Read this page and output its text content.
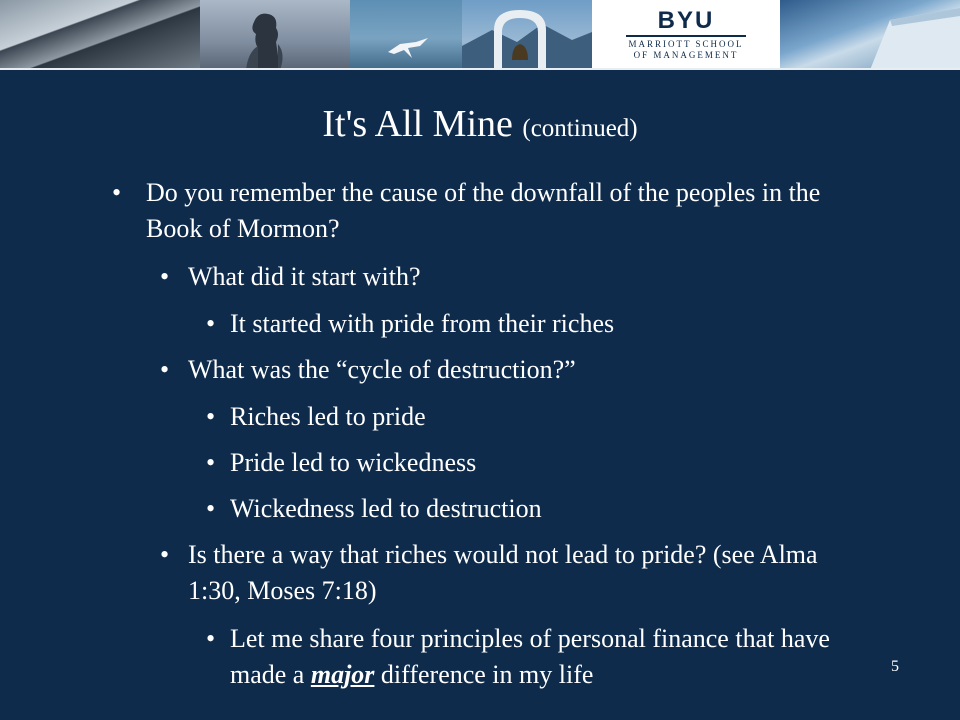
BYU
MARRIOTT SCHOOL
OF MANAGEMENT
It's All Mine (continued)
• Do you remember the cause of the downfall of the peoples in the Book of Mormon?
• What did it start with?
• It started with pride from their riches
• What was the “cycle of destruction?”
• Riches led to pride
• Pride led to wickedness
• Wickedness led to destruction
• Is there a way that riches would not lead to pride? (see Alma 1:30, Moses 7:18)
• Let me share four principles of personal finance that have made a major difference in my life	5
